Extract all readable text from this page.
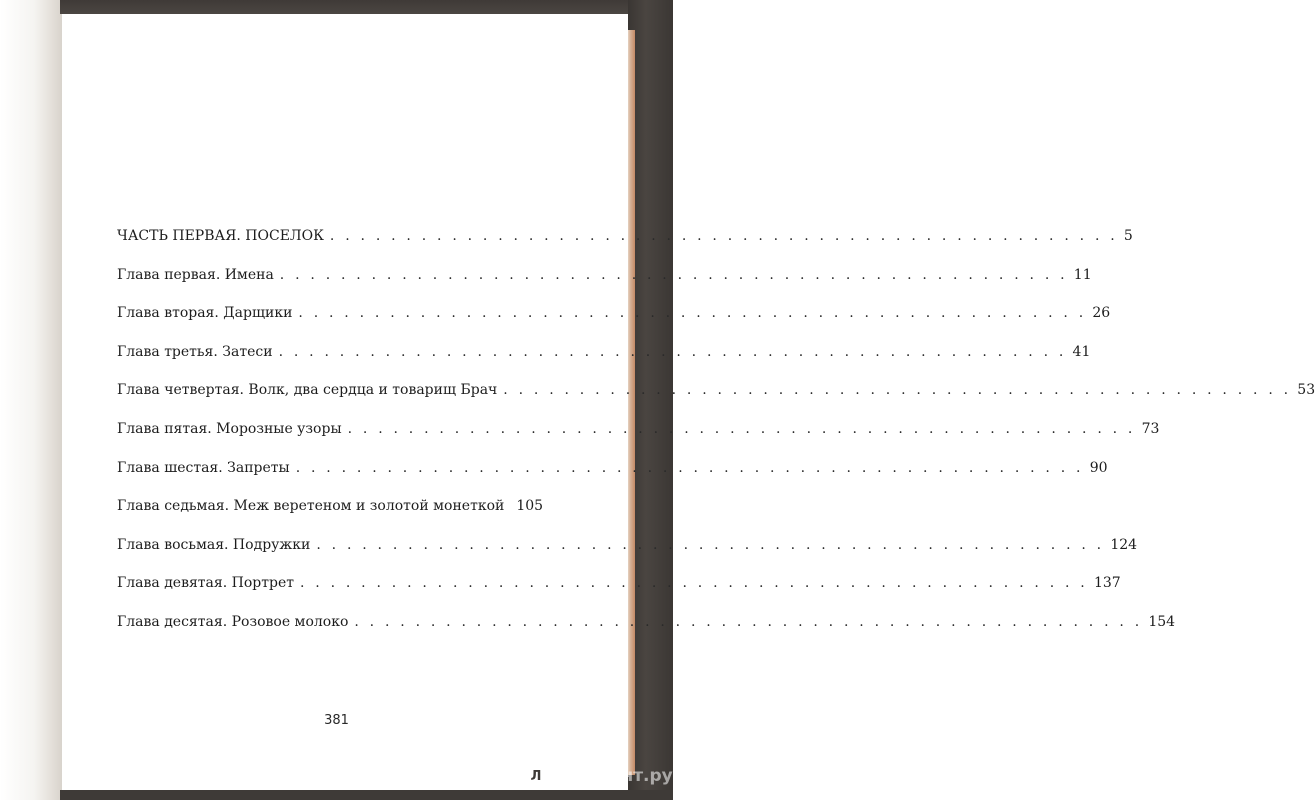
ЧАСТЬ ПЕРВАЯ. ПОСЕЛОК . . . . . . . . . . . . . . . . . . . . . . . . . . . . . . . . . . . . . . . . . . . . . . . . . . . . 5
Глава первая. Имена . . . . . . . . . . . . . . . . . . . . . . . . . . . . . . . . . . . . . . . . . . . . . . . . . . . . 11
Глава вторая. Дарщики . . . . . . . . . . . . . . . . . . . . . . . . . . . . . . . . . . . . . . . . . . . . . . . . . . . . 26
Глава третья. Затеси . . . . . . . . . . . . . . . . . . . . . . . . . . . . . . . . . . . . . . . . . . . . . . . . . . . . 41
Глава четвертая. Волк, два сердца и товарищ Брач . . . . . . . . . . . . . . . . . . . . . . . . . . . . . . . . . . . . . . . . . . . . . . . . . . . . 53
Глава пятая. Морозные узоры . . . . . . . . . . . . . . . . . . . . . . . . . . . . . . . . . . . . . . . . . . . . . . . . . . . . 73
Глава шестая. Запреты . . . . . . . . . . . . . . . . . . . . . . . . . . . . . . . . . . . . . . . . . . . . . . . . . . . . 90
Глава седьмая. Меж веретеном и золотой монеткой 105
Глава восьмая. Подружки . . . . . . . . . . . . . . . . . . . . . . . . . . . . . . . . . . . . . . . . . . . . . . . . . . . . 124
Глава девятая. Портрет . . . . . . . . . . . . . . . . . . . . . . . . . . . . . . . . . . . . . . . . . . . . . . . . . . . . 137
Глава десятая. Розовое молоко . . . . . . . . . . . . . . . . . . . . . . . . . . . . . . . . . . . . . . . . . . . . . . . . . . . . 154
381
Л Лабиринт.ру
